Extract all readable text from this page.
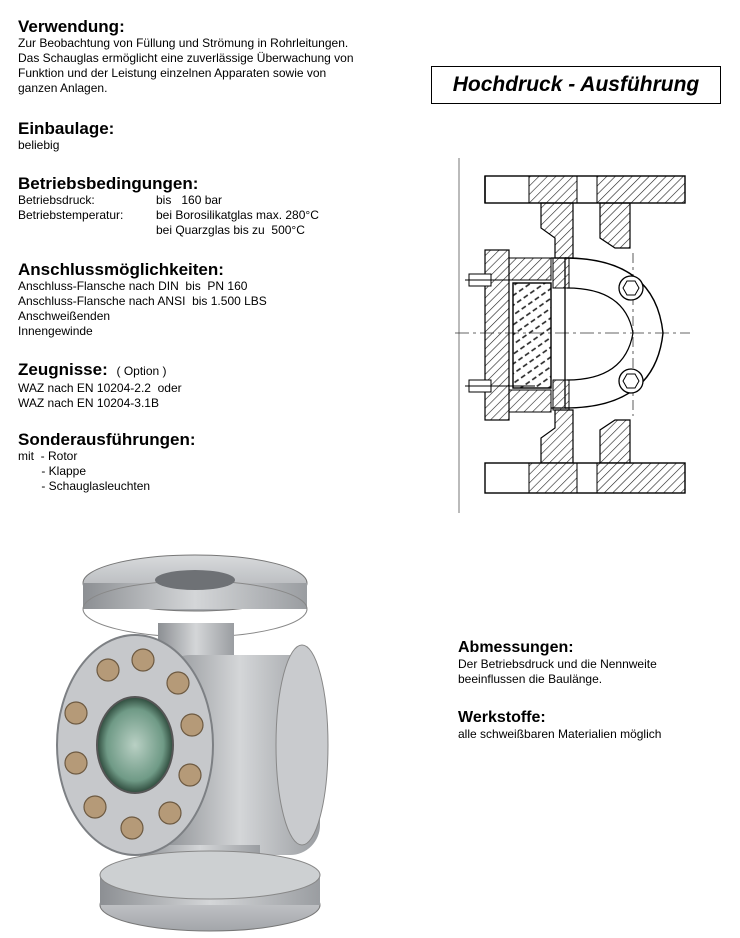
Verwendung:

Zur Beobachtung von Füllung und Strömung in Rohrleitungen.

Das Schauglas ermöglicht eine zuverlässige Überwachung von

Funktion und der Leistung einzelnen Apparaten sowie von

ganzen Anlagen.

Einbaulage:

beliebig

Betriebsbedingungen:
Betriebsdruck:	bis   160 bar
Betriebstemperatur:	bei Borosilikatglas max. 280°C
bei Quarzglas bis zu  500°C
Anschlussmöglichkeiten:

Anschluss-Flansche nach DIN  bis  PN 160

Anschluss-Flansche nach ANSI  bis 1.500 LBS

Anschweißenden

Innengewinde

Zeugnisse: ( Option )

WAZ nach EN 10204-2.2  oder

WAZ nach EN 10204-3.1B

Sonderausführungen:

mit  - Rotor

- Klappe

- Schauglasleuchten

Hochdruck - Ausführung
Abmessungen:

Der Betriebsdruck und die Nennweite

beeinflussen die Baulänge.

Werkstoffe:

alle schweißbaren Materialien möglich
